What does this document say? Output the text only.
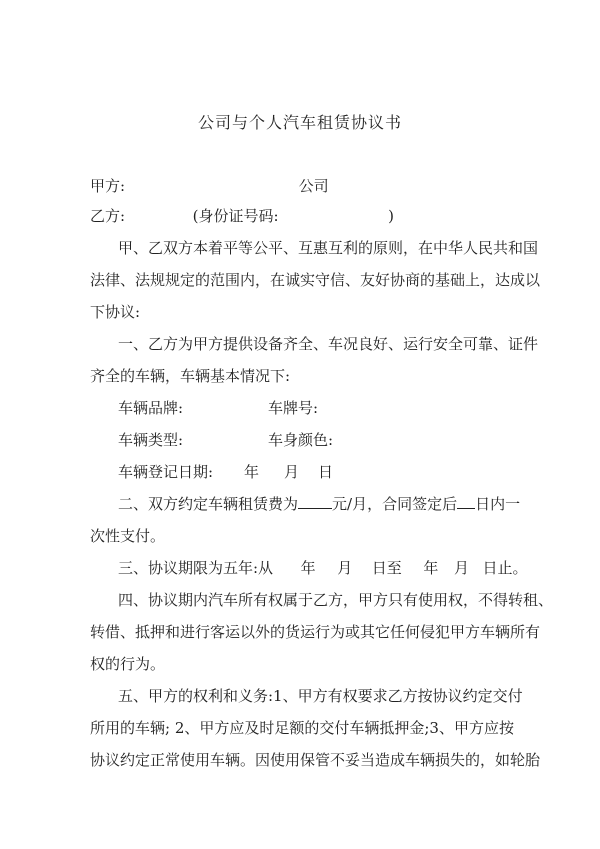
公司与个人汽车租赁协议书
甲方:	公司
乙方:	(身份证号码:	)
甲、乙双方本着平等公平、互惠互利的原则，在中华人民共和国
法律、法规规定的范围内，在诚实守信、友好协商的基础上，达成以
下协议:
一、乙方为甲方提供设备齐全、车况良好、运行安全可靠、证件
齐全的车辆，车辆基本情况下:
车辆品牌:	车牌号:
车辆类型:	车身颜色:
车辆登记日期: 年 月 日
二、双方约定车辆租赁费为 元/月，合同签定后 日内一
次性支付。
三、协议期限为五年:从 年 月 日至 年 月 日止。
四、协议期内汽车所有权属于乙方，甲方只有使用权，不得转租、
转借、抵押和进行客运以外的货运行为或其它任何侵犯甲方车辆所有
权的行为。
五、甲方的权利和义务:1、甲方有权要求乙方按协议约定交付
所用的车辆; 2、甲方应及时足额的交付车辆抵押金;3、甲方应按
协议约定正常使用车辆。因使用保管不妥当造成车辆损失的，如轮胎
